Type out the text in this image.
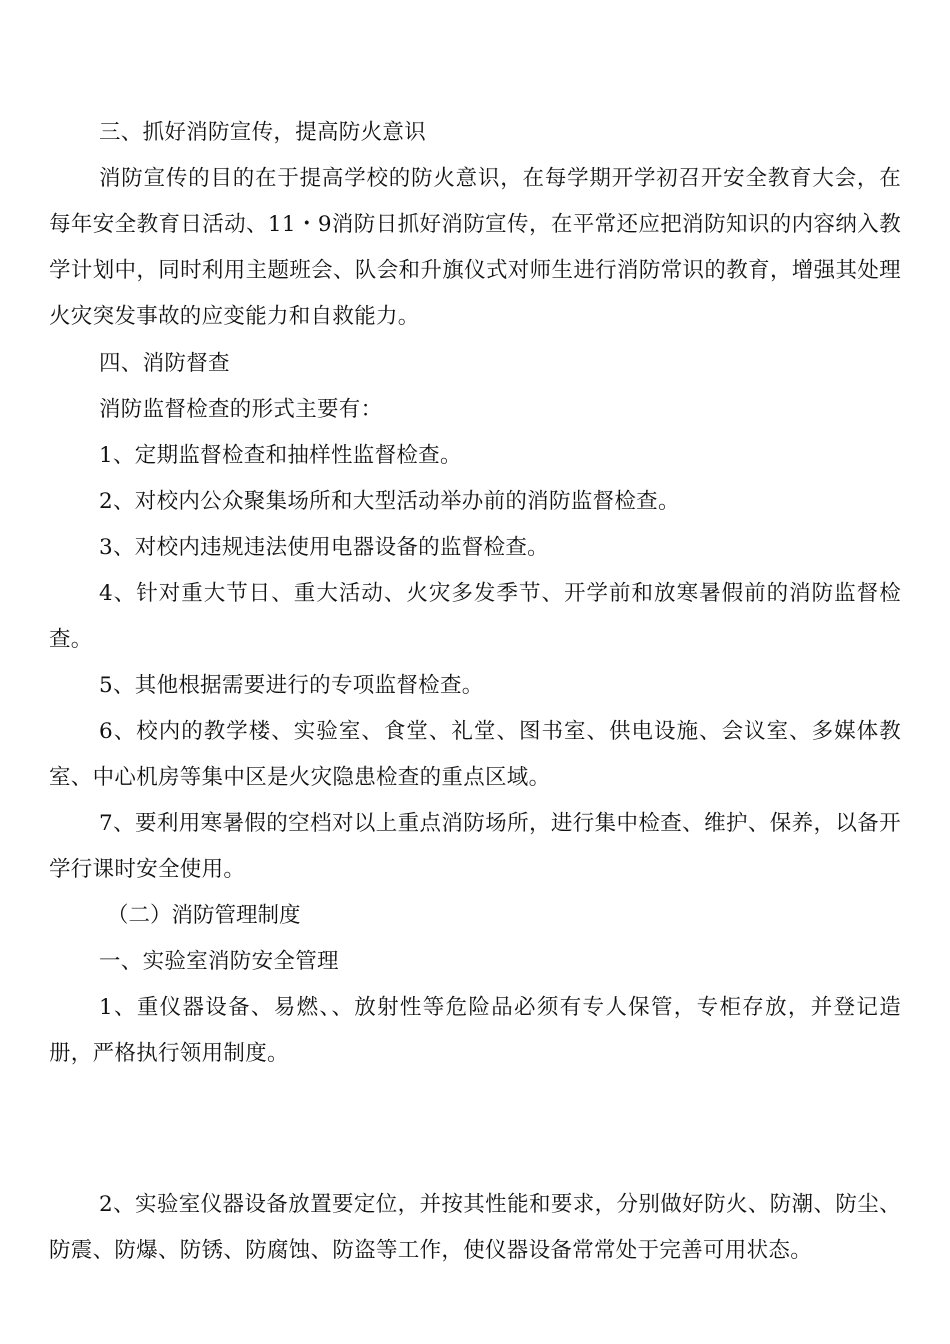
三、抓好消防宣传，提高防火意识

消防宣传的目的在于提高学校的防火意识，在每学期开学初召开安全教育大会，在每年安全教育日活动、11・9消防日抓好消防宣传，在平常还应把消防知识的内容纳入教学计划中，同时利用主题班会、队会和升旗仪式对师生进行消防常识的教育，增强其处理火灾突发事故的应变能力和自救能力。

四、消防督查

消防监督检查的形式主要有：

1、定期监督检查和抽样性监督检查。

2、对校内公众聚集场所和大型活动举办前的消防监督检查。

3、对校内违规违法使用电器设备的监督检查。

4、针对重大节日、重大活动、火灾多发季节、开学前和放寒暑假前的消防监督检查。

5、其他根据需要进行的专项监督检查。

6、校内的教学楼、实验室、食堂、礼堂、图书室、供电设施、会议室、多媒体教室、中心机房等集中区是火灾隐患检查的重点区域。

7、要利用寒暑假的空档对以上重点消防场所，进行集中检查、维护、保养，以备开学行课时安全使用。

（二）消防管理制度

一、实验室消防安全管理

1、重仪器设备、易燃、、放射性等危险品必须有专人保管，专柜存放，并登记造册，严格执行领用制度。

2、实验室仪器设备放置要定位，并按其性能和要求，分别做好防火、防潮、防尘、防震、防爆、防锈、防腐蚀、防盗等工作，使仪器设备常常处于完善可用状态。
